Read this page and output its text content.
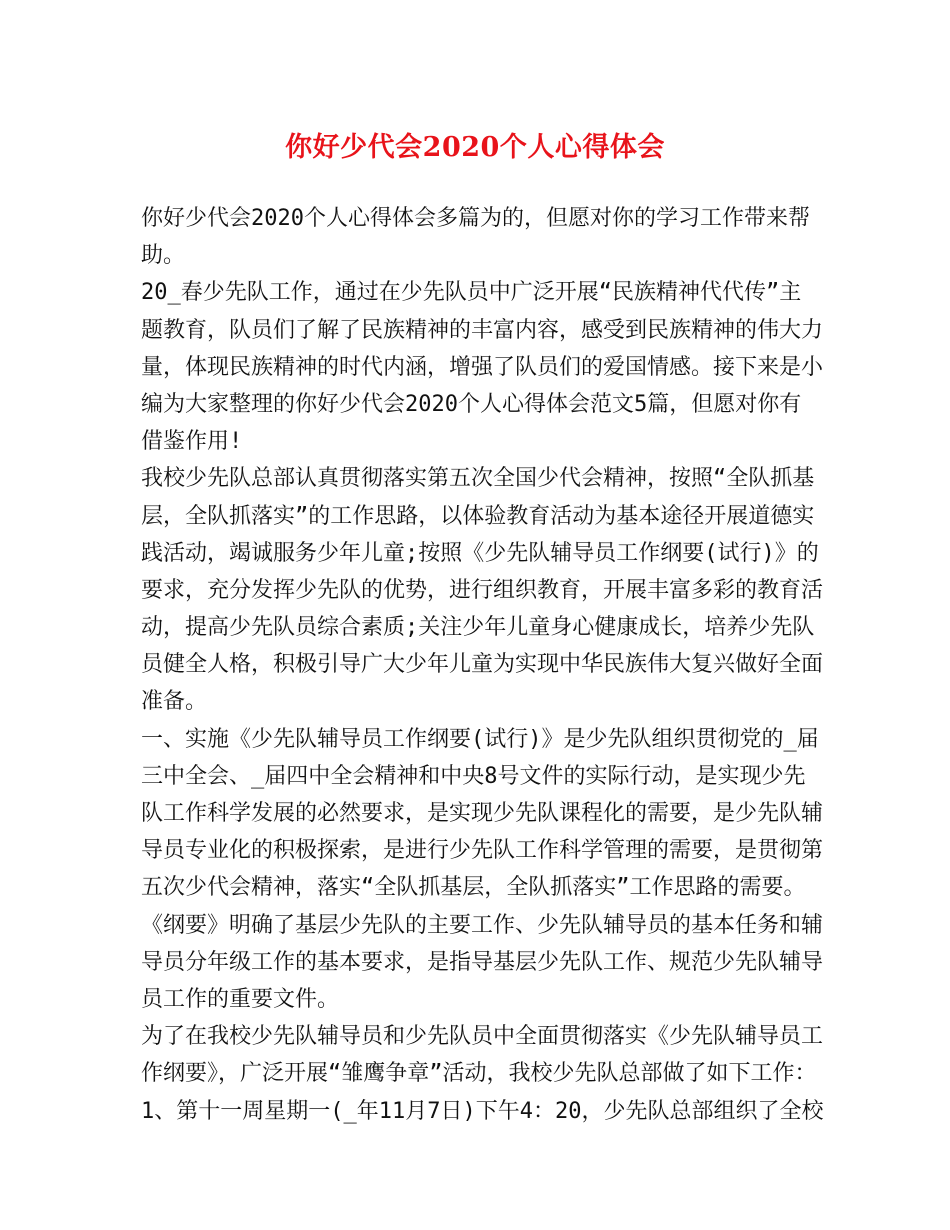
你好少代会2020个人心得体会
你好少代会2020个人心得体会多篇为的，但愿对你的学习工作带来帮
助。
20_春少先队工作，通过在少先队员中广泛开展“民族精神代代传”主
题教育，队员们了解了民族精神的丰富内容，感受到民族精神的伟大力
量，体现民族精神的时代内涵，增强了队员们的爱国情感。接下来是小
编为大家整理的你好少代会2020个人心得体会范文5篇，但愿对你有
借鉴作用!
我校少先队总部认真贯彻落实第五次全国少代会精神，按照“全队抓基
层，全队抓落实”的工作思路，以体验教育活动为基本途径开展道德实
践活动，竭诚服务少年儿童;按照《少先队辅导员工作纲要(试行)》的
要求，充分发挥少先队的优势，进行组织教育，开展丰富多彩的教育活
动，提高少先队员综合素质;关注少年儿童身心健康成长，培养少先队
员健全人格，积极引导广大少年儿童为实现中华民族伟大复兴做好全面
准备。
一、实施《少先队辅导员工作纲要(试行)》是少先队组织贯彻党的_届
三中全会、_届四中全会精神和中央8号文件的实际行动，是实现少先
队工作科学发展的必然要求，是实现少先队课程化的需要，是少先队辅
导员专业化的积极探索，是进行少先队工作科学管理的需要，是贯彻第
五次少代会精神，落实“全队抓基层，全队抓落实”工作思路的需要。
《纲要》明确了基层少先队的主要工作、少先队辅导员的基本任务和辅
导员分年级工作的基本要求，是指导基层少先队工作、规范少先队辅导
员工作的重要文件。
为了在我校少先队辅导员和少先队员中全面贯彻落实《少先队辅导员工
作纲要》，广泛开展“雏鹰争章”活动，我校少先队总部做了如下工作：
1、第十一周星期一(_年11月7日)下午4：20，少先队总部组织了全校
